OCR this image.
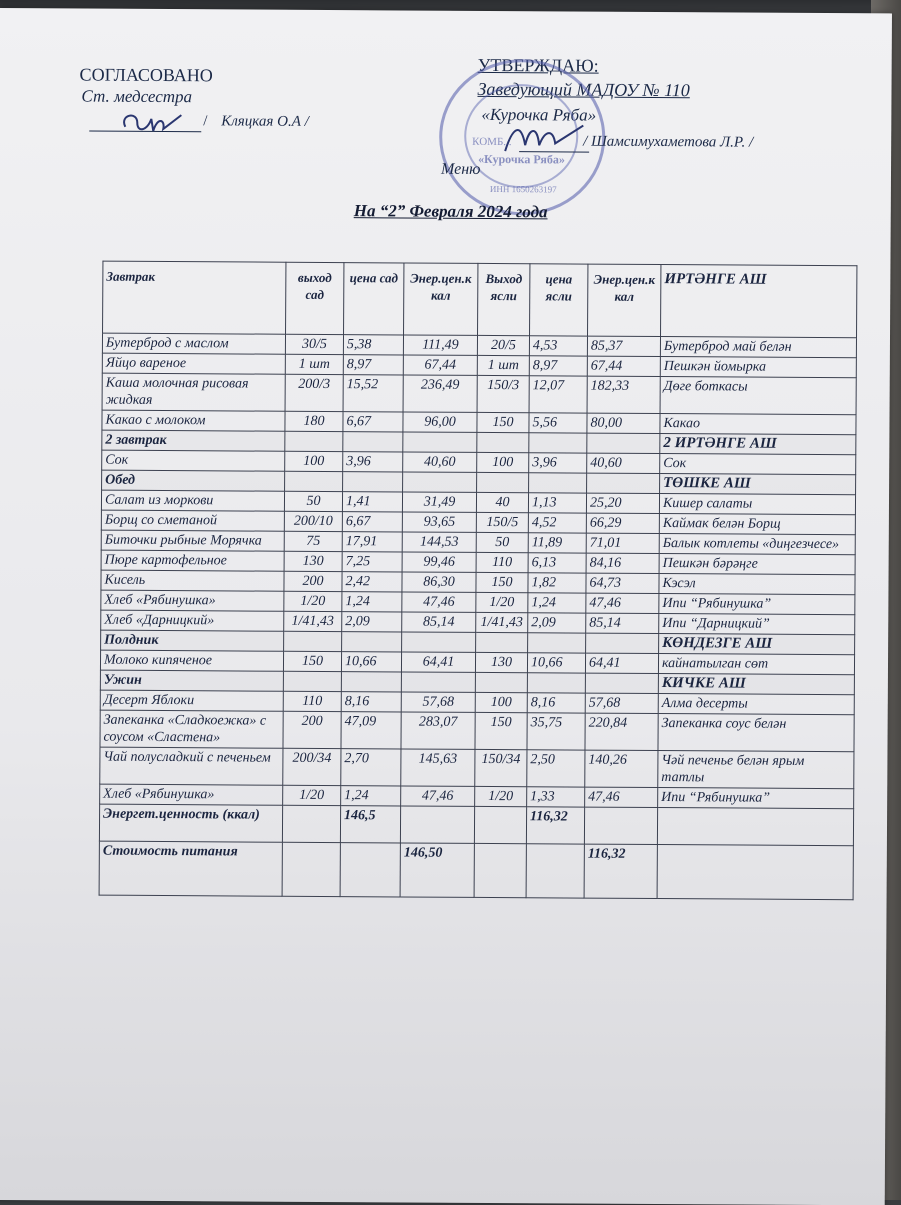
СОГЛАСОВАНО
Ст. медсестра
/ Кляцкая О.А /
УТВЕРЖДАЮ:
Заведующий МАДОУ № 110
«Курочка Ряба»
КОМБ...
«Курочка Ряба»
ИНН 1650263197
/ Шамсимухаметова Л.Р. /
Меню
На “2” Февраля 2024 года
Завтрак	выход сад	цена сад	Энер.цен.ккал	Выход ясли	цена ясли	Энер.цен.ккал	ИРТӘНГЕ АШ
Бутерброд с маслом	30/5	5,38	111,49	20/5	4,53	85,37	Бутерброд май белән
Яйцо вареное	1 шт	8,97	67,44	1 шт	8,97	67,44	Пешкән йомырка
Каша молочная рисовая жидкая	200/3	15,52	236,49	150/3	12,07	182,33	Дөге боткасы
Какао с молоком	180	6,67	96,00	150	5,56	80,00	Какао
2 завтрак							2 ИРТӘНГЕ АШ
Сок	100	3,96	40,60	100	3,96	40,60	Сок
Обед							ТӨШКЕ АШ
Салат из моркови	50	1,41	31,49	40	1,13	25,20	Кишер салаты
Борщ со сметаной	200/10	6,67	93,65	150/5	4,52	66,29	Каймак белән Борщ
Биточки рыбные Морячка	75	17,91	144,53	50	11,89	71,01	Балык котлеты «диңгезчесе»
Пюре картофельное	130	7,25	99,46	110	6,13	84,16	Пешкән бәрәңге
Кисель	200	2,42	86,30	150	1,82	64,73	Кэсэл
Хлеб «Рябинушка»	1/20	1,24	47,46	1/20	1,24	47,46	Ипи “Рябинушка”
Хлеб «Дарницкий»	1/41,43	2,09	85,14	1/41,43	2,09	85,14	Ипи “Дарницкий”
Полдник							КӨНДЕЗГЕ АШ
Молоко кипяченое	150	10,66	64,41	130	10,66	64,41	кайнатылган сөт
Ужин							КИЧКЕ АШ
Десерт Яблоки	110	8,16	57,68	100	8,16	57,68	Алма десерты
Запеканка «Сладкоежка» с соусом «Сластена»	200	47,09	283,07	150	35,75	220,84	Запеканка соус белән
Чай полусладкий с печеньем	200/34	2,70	145,63	150/34	2,50	140,26	Чәй печенье белән ярым татлы
Хлеб «Рябинушка»	1/20	1,24	47,46	1/20	1,33	47,46	Ипи “Рябинушка”
Энергет.ценность (ккал)		146,5			116,32		
Стоимость питания			146,50			116,32	
